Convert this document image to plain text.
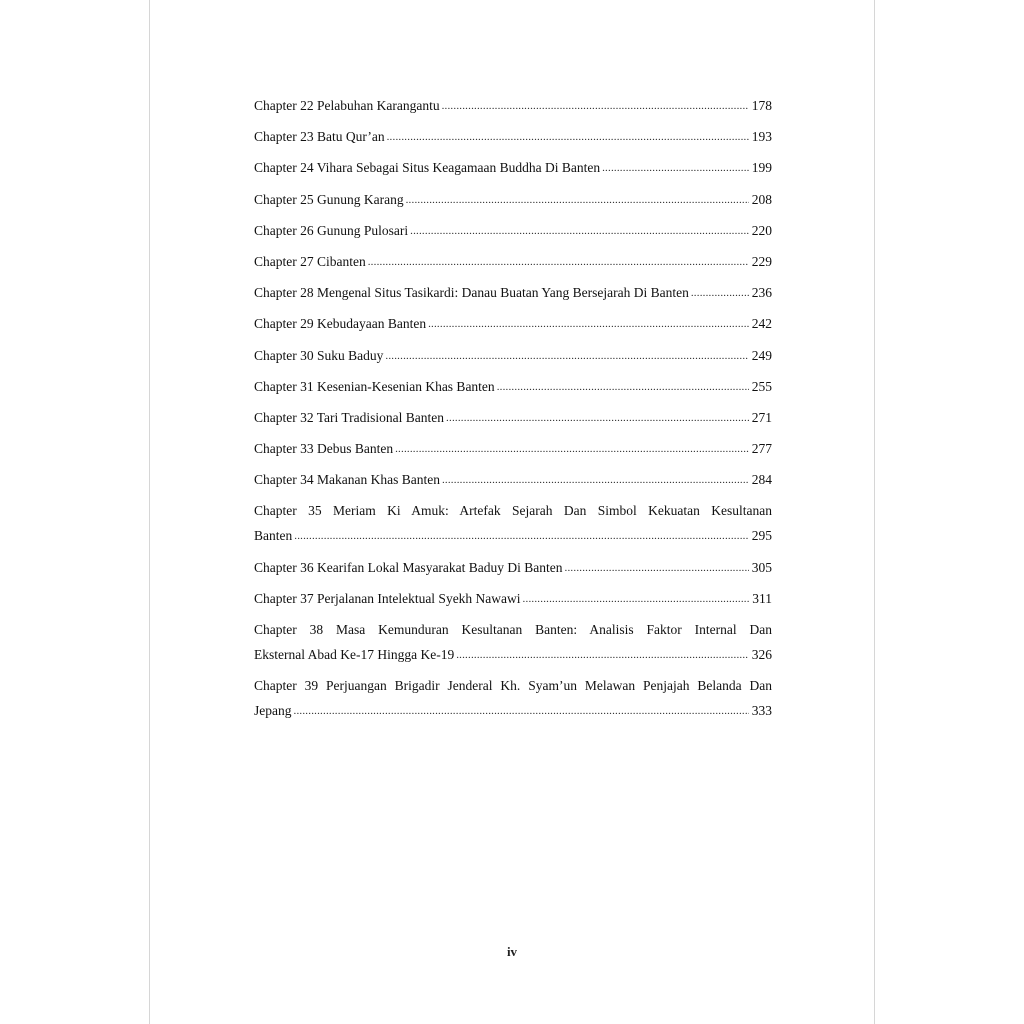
Chapter 22 Pelabuhan Karangantu .....	178
Chapter 23 Batu Qur’an .....	193
Chapter 24 Vihara Sebagai Situs Keagamaan Buddha Di Banten .....	199
Chapter 25 Gunung Karang .....	208
Chapter 26 Gunung Pulosari .....	220
Chapter 27 Cibanten .....	229
Chapter 28 Mengenal Situs Tasikardi: Danau Buatan Yang Bersejarah Di Banten .....	236
Chapter 29 Kebudayaan Banten .....	242
Chapter 30 Suku Baduy .....	249
Chapter 31 Kesenian-Kesenian Khas Banten .....	255
Chapter 32 Tari Tradisional Banten .....	271
Chapter 33 Debus Banten .....	277
Chapter 34 Makanan Khas Banten .....	284
Chapter 35 Meriam Ki Amuk: Artefak Sejarah Dan Simbol Kekuatan Kesultanan
Banten .....	295
Chapter 36 Kearifan Lokal Masyarakat Baduy Di Banten .....	305
Chapter 37 Perjalanan Intelektual Syekh Nawawi .....	311
Chapter 38 Masa Kemunduran Kesultanan Banten: Analisis Faktor Internal Dan
Eksternal Abad Ke-17 Hingga Ke-19 .....	326
Chapter 39 Perjuangan Brigadir Jenderal Kh. Syam’un Melawan Penjajah Belanda Dan
Jepang .....	333
iv
